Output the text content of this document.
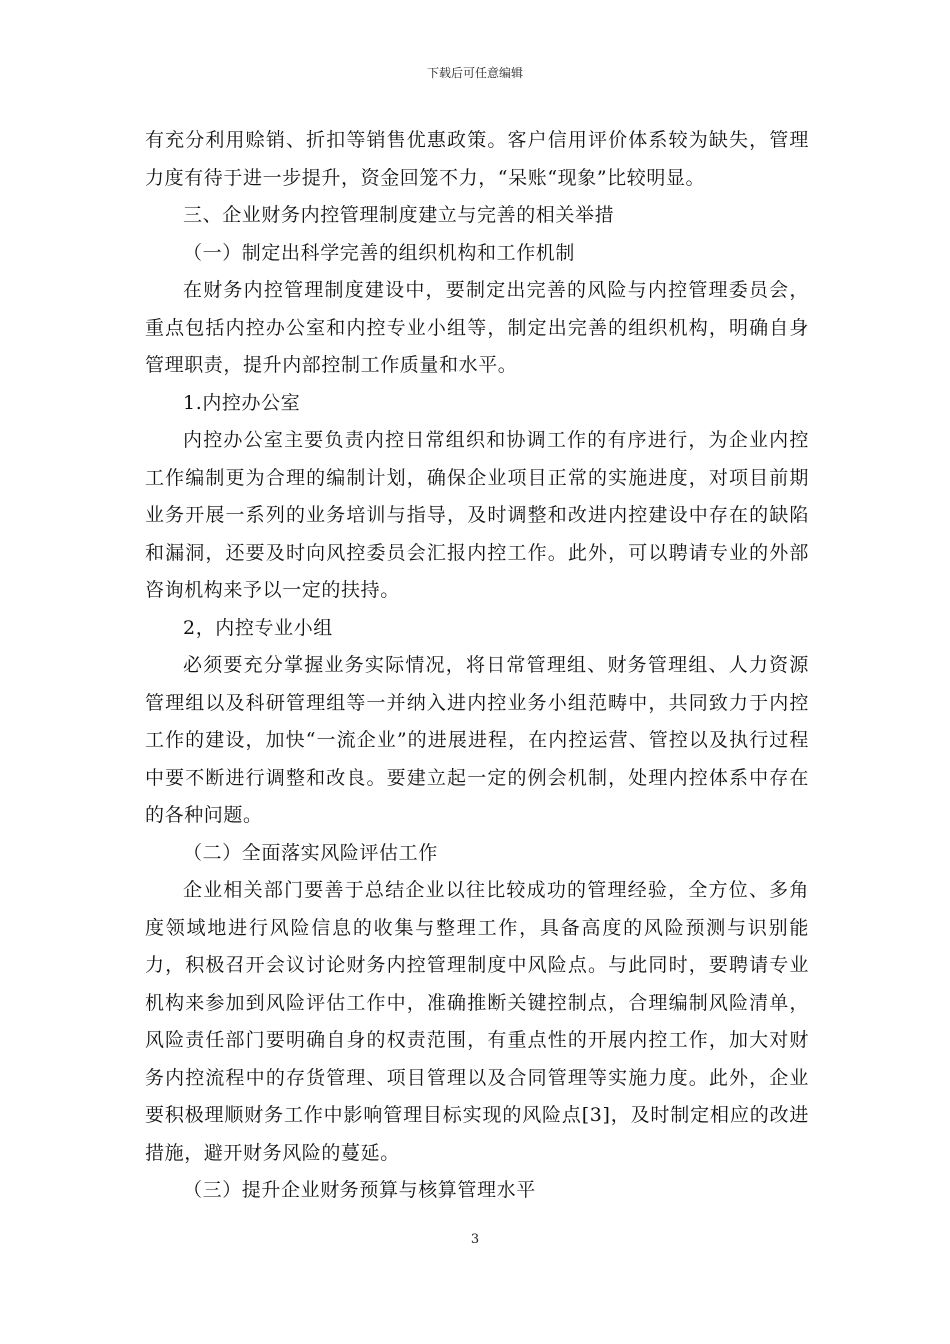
下载后可任意编辑

有充分利用赊销、折扣等销售优惠政策。客户信用评价体系较为缺失，管理力度有待于进一步提升，资金回笼不力，“呆账“现象”比较明显。

三、企业财务内控管理制度建立与完善的相关举措

（一）制定出科学完善的组织机构和工作机制

在财务内控管理制度建设中，要制定出完善的风险与内控管理委员会，重点包括内控办公室和内控专业小组等，制定出完善的组织机构，明确自身管理职责，提升内部控制工作质量和水平。

1.内控办公室

内控办公室主要负责内控日常组织和协调工作的有序进行，为企业内控工作编制更为合理的编制计划，确保企业项目正常的实施进度，对项目前期业务开展一系列的业务培训与指导，及时调整和改进内控建设中存在的缺陷和漏洞，还要及时向风控委员会汇报内控工作。此外，可以聘请专业的外部咨询机构来予以一定的扶持。

2，内控专业小组

必须要充分掌握业务实际情况，将日常管理组、财务管理组、人力资源管理组以及科研管理组等一并纳入进内控业务小组范畴中，共同致力于内控工作的建设，加快“一流企业”的进展进程，在内控运营、管控以及执行过程中要不断进行调整和改良。要建立起一定的例会机制，处理内控体系中存在的各种问题。

（二）全面落实风险评估工作

企业相关部门要善于总结企业以往比较成功的管理经验，全方位、多角度领域地进行风险信息的收集与整理工作，具备高度的风险预测与识别能力，积极召开会议讨论财务内控管理制度中风险点。与此同时，要聘请专业机构来参加到风险评估工作中，准确推断关键控制点，合理编制风险清单，风险责任部门要明确自身的权责范围，有重点性的开展内控工作，加大对财务内控流程中的存货管理、项目管理以及合同管理等实施力度。此外，企业要积极理顺财务工作中影响管理目标实现的风险点[3]，及时制定相应的改进措施，避开财务风险的蔓延。

（三）提升企业财务预算与核算管理水平

3
